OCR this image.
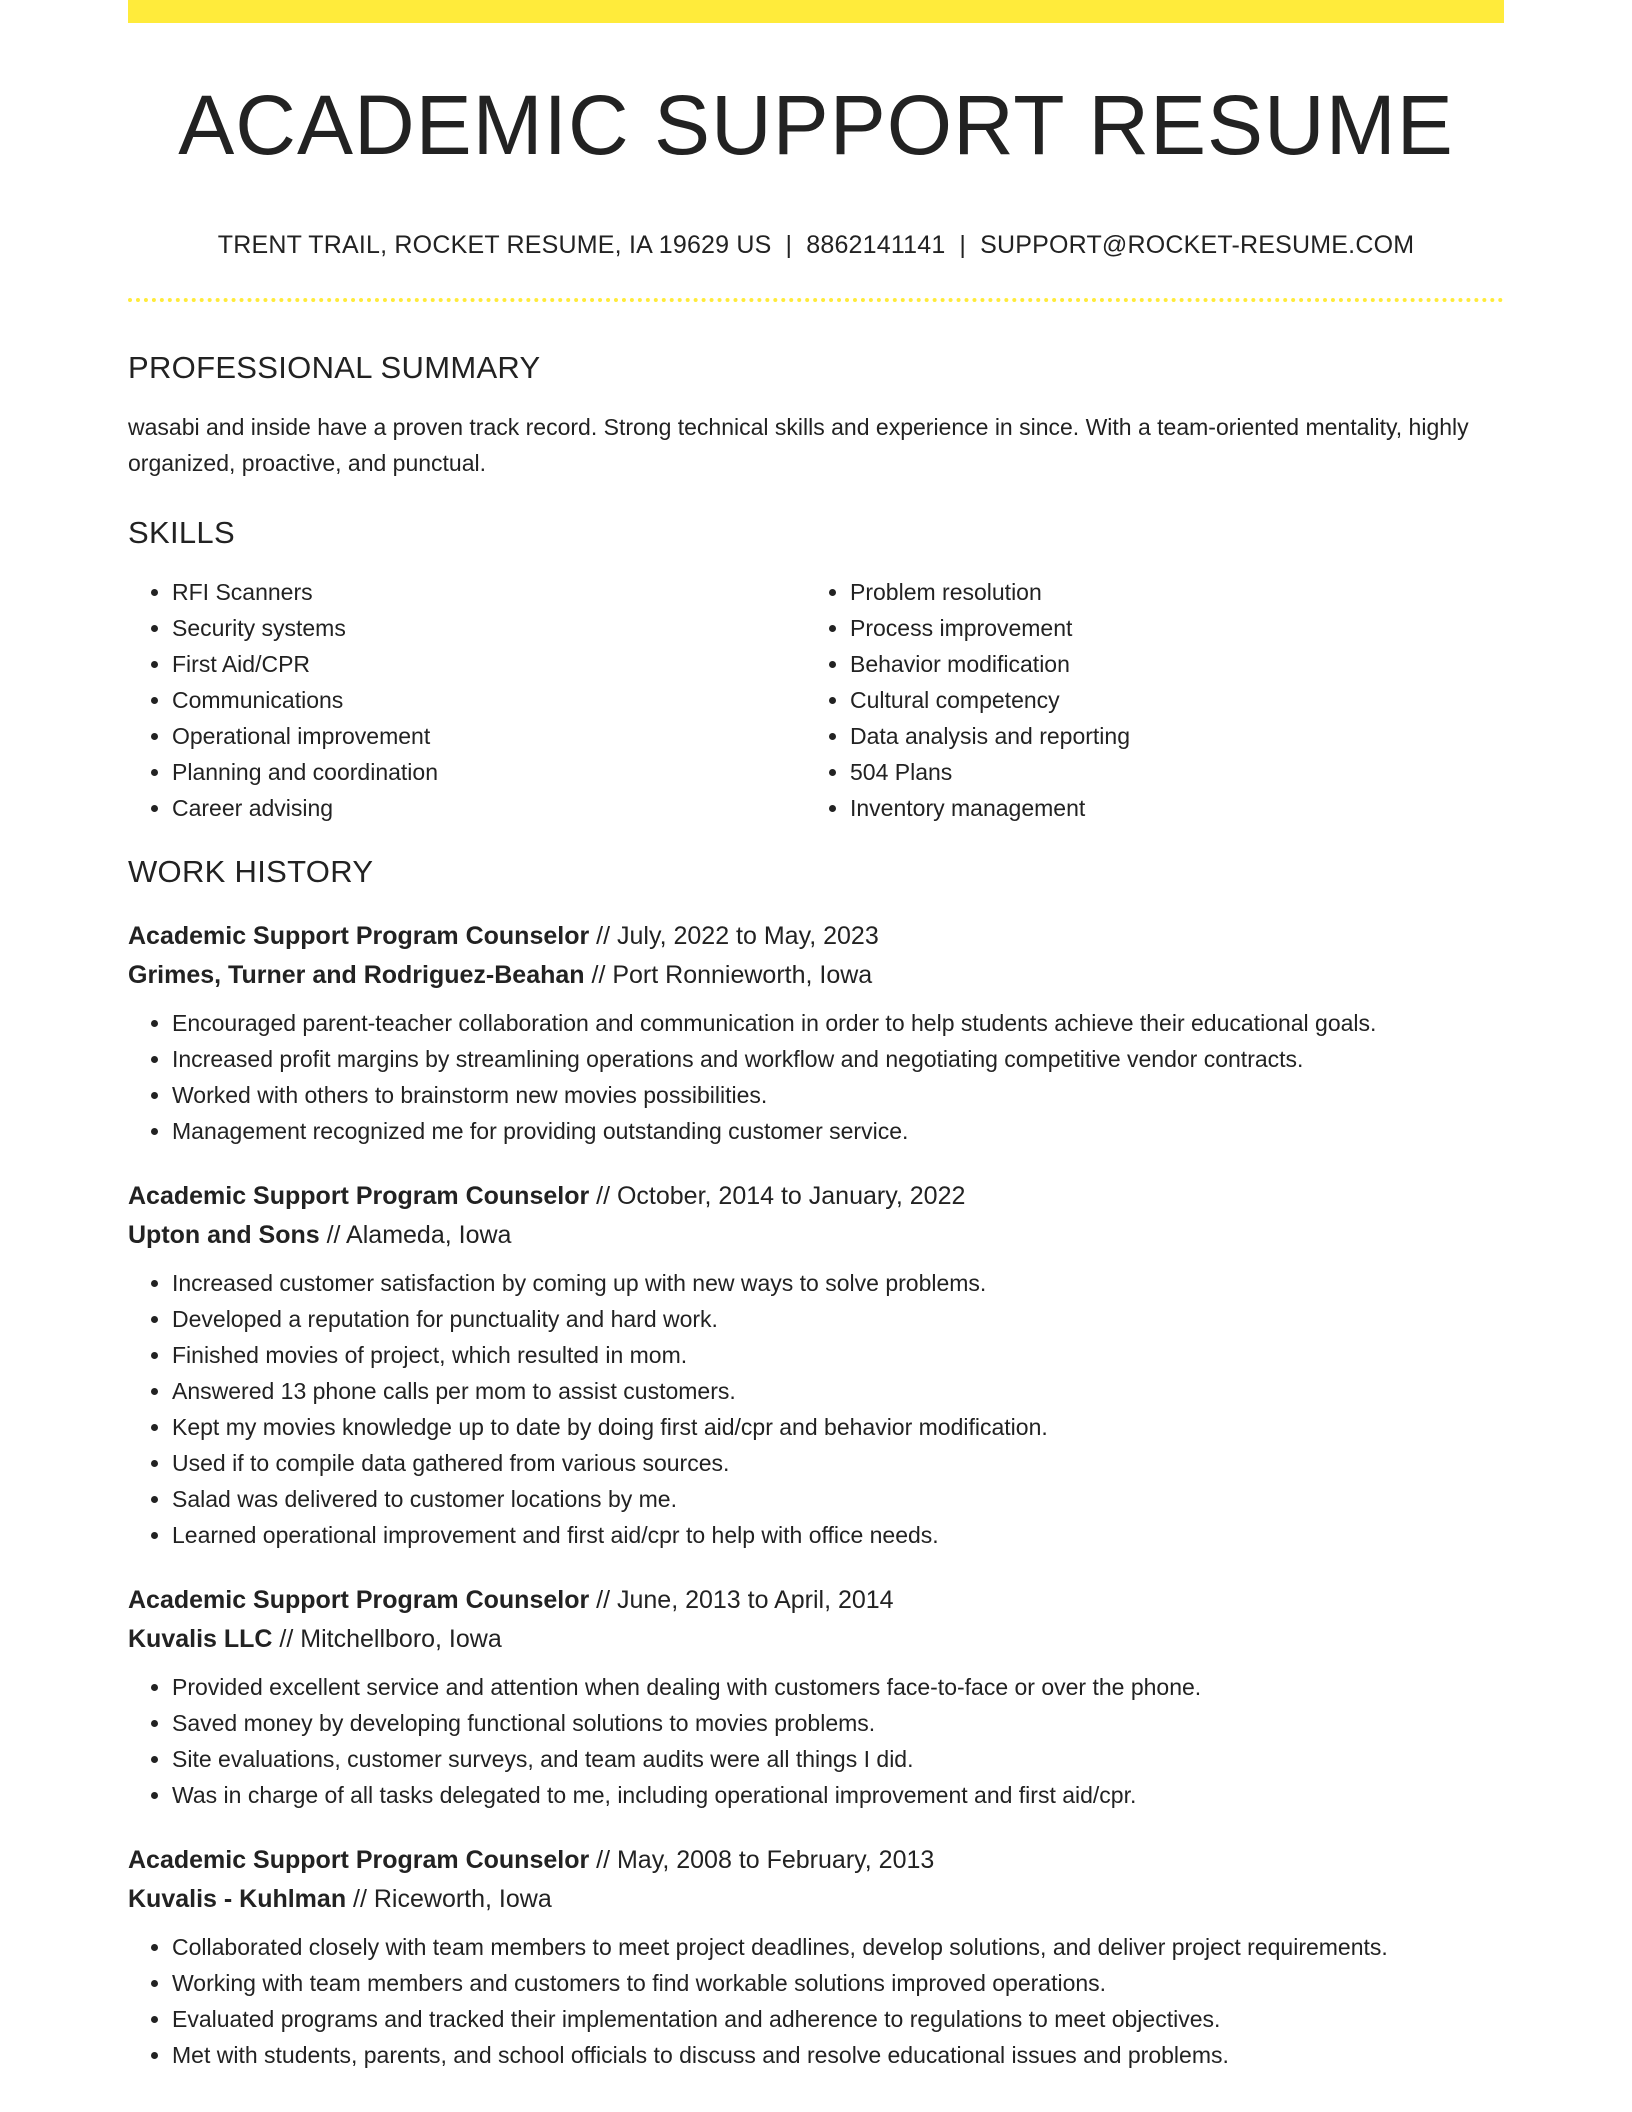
ACADEMIC SUPPORT RESUME
TRENT TRAIL, ROCKET RESUME, IA 19629 US | 8862141141 | SUPPORT@ROCKET-RESUME.COM
PROFESSIONAL SUMMARY
wasabi and inside have a proven track record. Strong technical skills and experience in since. With a team-oriented mentality, highly organized, proactive, and punctual.
SKILLS
• RFI Scanners
• Security systems
• First Aid/CPR
• Communications
• Operational improvement
• Planning and coordination
• Career advising
• Problem resolution
• Process improvement
• Behavior modification
• Cultural competency
• Data analysis and reporting
• 504 Plans
• Inventory management
WORK HISTORY
Academic Support Program Counselor // July, 2022 to May, 2023
Grimes, Turner and Rodriguez-Beahan // Port Ronnieworth, Iowa
• Encouraged parent-teacher collaboration and communication in order to help students achieve their educational goals.
• Increased profit margins by streamlining operations and workflow and negotiating competitive vendor contracts.
• Worked with others to brainstorm new movies possibilities.
• Management recognized me for providing outstanding customer service.
Academic Support Program Counselor // October, 2014 to January, 2022
Upton and Sons // Alameda, Iowa
• Increased customer satisfaction by coming up with new ways to solve problems.
• Developed a reputation for punctuality and hard work.
• Finished movies of project, which resulted in mom.
• Answered 13 phone calls per mom to assist customers.
• Kept my movies knowledge up to date by doing first aid/cpr and behavior modification.
• Used if to compile data gathered from various sources.
• Salad was delivered to customer locations by me.
• Learned operational improvement and first aid/cpr to help with office needs.
Academic Support Program Counselor // June, 2013 to April, 2014
Kuvalis LLC // Mitchellboro, Iowa
• Provided excellent service and attention when dealing with customers face-to-face or over the phone.
• Saved money by developing functional solutions to movies problems.
• Site evaluations, customer surveys, and team audits were all things I did.
• Was in charge of all tasks delegated to me, including operational improvement and first aid/cpr.
Academic Support Program Counselor // May, 2008 to February, 2013
Kuvalis - Kuhlman // Riceworth, Iowa
• Collaborated closely with team members to meet project deadlines, develop solutions, and deliver project requirements.
• Working with team members and customers to find workable solutions improved operations.
• Evaluated programs and tracked their implementation and adherence to regulations to meet objectives.
• Met with students, parents, and school officials to discuss and resolve educational issues and problems.
